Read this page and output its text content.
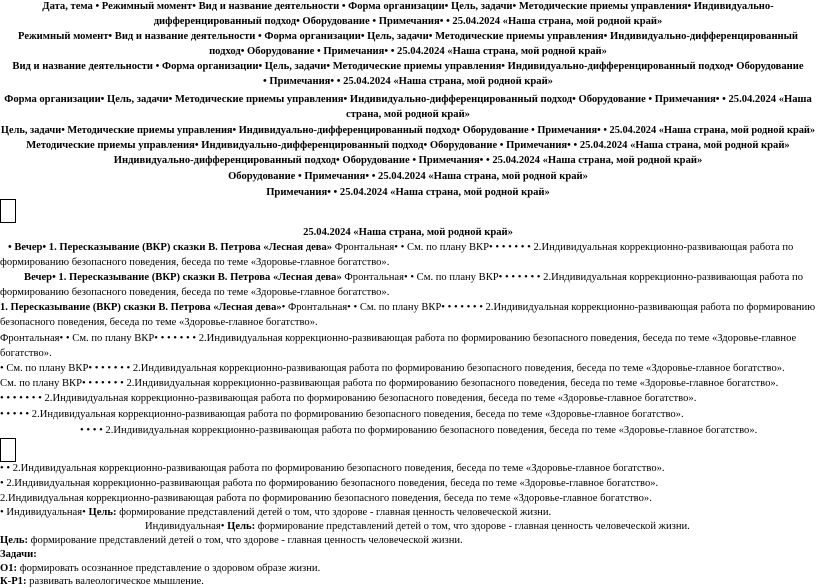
Дата, тема • Режимный момент• Вид и название деятельности • Форма организации• Цель, задачи• Методические приемы управления• Индивидуально-
дифференцированный подход• Оборудование • Примечания• • 25.04.2024 «Наша страна, мой родной край»
Режимный момент• Вид и название деятельности • Форма организации• Цель, задачи• Методические приемы управления• Индивидуально-дифференцированный
подход• Оборудование • Примечания• • 25.04.2024 «Наша страна, мой родной край»
Вид и название деятельности • Форма организации• Цель, задачи• Методические приемы управления• Индивидуально-дифференцированный подход• Оборудование
• Примечания• • 25.04.2024 «Наша страна, мой родной край»
Форма организации• Цель, задачи• Методические приемы управления• Индивидуально-дифференцированный подход• Оборудование • Примечания• • 25.04.2024 «Наша
страна, мой родной край»
Цель, задачи• Методические приемы управления• Индивидуально-дифференцированный подход• Оборудование • Примечания• • 25.04.2024 «Наша страна, мой родной край»
Методические приемы управления• Индивидуально-дифференцированный подход• Оборудование • Примечания• • 25.04.2024 «Наша страна, мой родной край»
Индивидуально-дифференцированный подход• Оборудование • Примечания• • 25.04.2024 «Наша страна, мой родной край»
Оборудование • Примечания• • 25.04.2024 «Наша страна, мой родной край»
Примечания• • 25.04.2024 «Наша страна, мой родной край»
25.04.2024 «Наша страна, мой родной край»
• Вечер• 1. Пересказывание (ВКР) сказки В. Петрова «Лесная дева» Фронтальная• • См. по плану ВКР• • • • • • • 2.Индивидуальная коррекционно-развивающая работа по
формированию безопасного поведения, беседа по теме «Здоровье-главное богатство».
Вечер• 1. Пересказывание (ВКР) сказки В. Петрова «Лесная дева» Фронтальная• • См. по плану ВКР• • • • • • • 2.Индивидуальная коррекционно-развивающая работа по
формированию безопасного поведения, беседа по теме «Здоровье-главное богатство».
1. Пересказывание (ВКР) сказки В. Петрова «Лесная дева»• Фронтальная• • См. по плану ВКР• • • • • • • 2.Индивидуальная коррекционно-развивающая работа по формированию
безопасного поведения, беседа по теме «Здоровье-главное богатство».
Фронтальная• • См. по плану ВКР• • • • • • • 2.Индивидуальная коррекционно-развивающая работа по формированию безопасного поведения, беседа по теме «Здоровье-главное
богатство».
• См. по плану ВКР• • • • • • • 2.Индивидуальная коррекционно-развивающая работа по формированию безопасного поведения, беседа по теме «Здоровье-главное богатство».
См. по плану ВКР• • • • • • • 2.Индивидуальная коррекционно-развивающая работа по формированию безопасного поведения, беседа по теме «Здоровье-главное богатство».
• • • • • • • 2.Индивидуальная коррекционно-развивающая работа по формированию безопасного поведения, беседа по теме «Здоровье-главное богатство».
• • • • • 2.Индивидуальная коррекционно-развивающая работа по формированию безопасного поведения, беседа по теме «Здоровье-главное богатство».
• • • • 2.Индивидуальная коррекционно-развивающая работа по формированию безопасного поведения, беседа по теме «Здоровье-главное богатство».
• • 2.Индивидуальная коррекционно-развивающая работа по формированию безопасного поведения, беседа по теме «Здоровье-главное богатство».
• 2.Индивидуальная коррекционно-развивающая работа по формированию безопасного поведения, беседа по теме «Здоровье-главное богатство».
2.Индивидуальная коррекционно-развивающая работа по формированию безопасного поведения, беседа по теме «Здоровье-главное богатство».
• Индивидуальная• Цель: формирование представлений детей о том, что здорове - главная ценность человеческой жизни.
Индивидуальная• Цель: формирование представлений детей о том, что здорове - главная ценность человеческой жизни.
Цель: формирование представлений детей о том, что здорове - главная ценность человеческой жизни.
Задачи:
О1: формировать осознанное представление о здоровом образе жизни.
К-Р1: развивать валеологическое мышление.
